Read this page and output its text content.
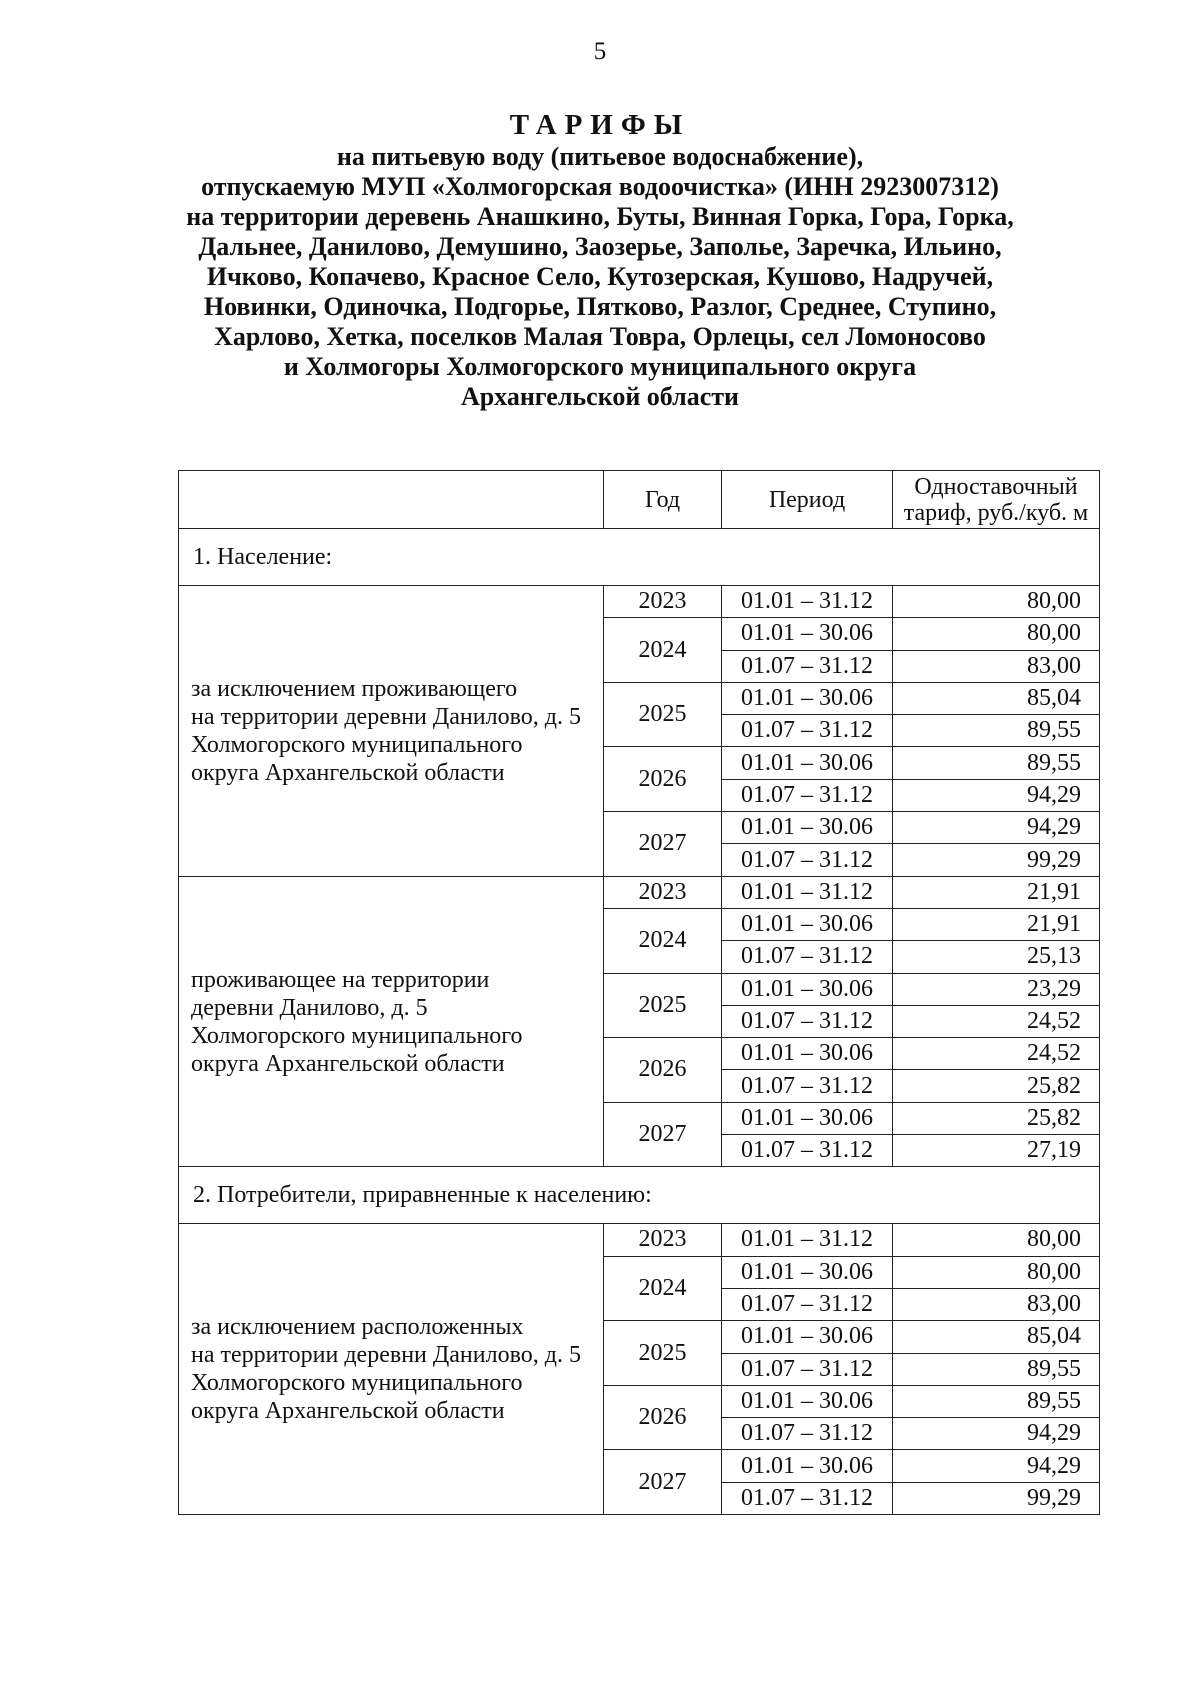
5
ТАРИФЫ
на питьевую воду (питьевое водоснабжение),
отпускаемую МУП «Холмогорская водоочистка» (ИНН 2923007312)
на территории деревень Анашкино, Буты, Винная Горка, Гора, Горка,
Дальнее, Данилово, Демушино, Заозерье, Заполье, Заречка, Ильино,
Ичково, Копачево, Красное Село, Кутозерская, Кушово, Надручей,
Новинки, Одиночка, Подгорье, Пятково, Разлог, Среднее, Ступино,
Харлово, Хетка, поселков Малая Товра, Орлецы, сел Ломоносово
и Холмогоры Холмогорского муниципального округа
Архангельской области
	Год	Период	Одноставочный
тариф, руб./куб. м

1. Население:			

за исключением проживающего
на территории деревни Данилово, д. 5
Холмогорского муниципального
округа Архангельской области	2023	01.01 – 31.12	80,00
	2024	01.01 – 30.06	80,00
		01.07 – 31.12	83,00
	2025	01.01 – 30.06	85,04
		01.07 – 31.12	89,55
	2026	01.01 – 30.06	89,55
		01.07 – 31.12	94,29
	2027	01.01 – 30.06	94,29
		01.07 – 31.12	99,29

проживающее на территории
деревни Данилово, д. 5
Холмогорского муниципального
округа Архангельской области	2023	01.01 – 31.12	21,91
	2024	01.01 – 30.06	21,91
		01.07 – 31.12	25,13
	2025	01.01 – 30.06	23,29
		01.07 – 31.12	24,52
	2026	01.01 – 30.06	24,52
		01.07 – 31.12	25,82
	2027	01.01 – 30.06	25,82
		01.07 – 31.12	27,19
2. Потребители, приравненные к населению:			

за исключением расположенных
на территории деревни Данилово, д. 5
Холмогорского муниципального
округа Архангельской области	2023	01.01 – 31.12	80,00
	2024	01.01 – 30.06	80,00
		01.07 – 31.12	83,00
	2025	01.01 – 30.06	85,04
		01.07 – 31.12	89,55
	2026	01.01 – 30.06	89,55
		01.07 – 31.12	94,29
	2027	01.01 – 30.06	94,29
		01.07 – 31.12	99,29
